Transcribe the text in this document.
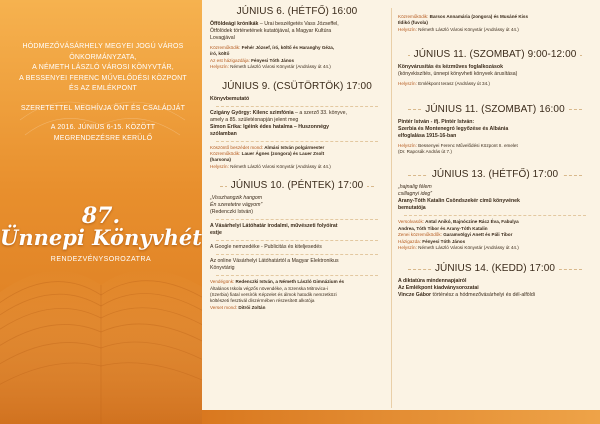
HÓDMEZŐVÁSÁRHELY MEGYEI JOGÚ VÁROS
ÖNKORMÁNYZATA,
A NÉMETH LÁSZLÓ VÁROSI KÖNYVTÁR,
A BESSENYEI FERENC MŰVELŐDÉSI KÖZPONT
ÉS AZ EMLÉKPONT
SZERETETTEL MEGHÍVJA ÖNT ÉS CSALÁDJÁT
A 2016. JÚNIUS 6-15. KÖZÖTT
MEGRENDEZÉSRE KERÜLŐ
87.
Ünnepi Könyvhét
RENDEZVÉNYSOROZATRA
JÚNIUS 6. (HÉTFŐ) 16:00
Öfföldeági krónikák – Urai beszélgetés Vass Józseffel,
Ötfölödek történetének kutatójával, a Magyar Kultúra
Lovagjával
Közreműködik: Fehér József, író, költő és Haranghy Géza,
író, költő
Az est házigazdája: Fényesi Tóth János
Helyszín: Németh László Városi Könyvtár (Andrássy út 44.)
JÚNIUS 9. (CSÜTÖRTÖK) 17:00
Könyvbemutató
Czigány György: Kilenc szimfónia – a szerző 33. könyve,
amely a 85. születésnapján jelent meg
Simon Erika: Igéink édes hatalma – Huszonnégy
szólamban
Köszöntő beszédet mond: Almási István polgármester
Közreműködik: Lauer Ágnes (zongora) és Lauer Zsolt
(harsona)
Helyszín: Németh László Városi Könyvtár (Andrássy út 44.)
JÚNIUS 10. (PÉNTEK) 17:00
„Visszhangzik hangom
Én szeretetre vágyom”
(Redenczki István)
A Vásárhelyi Látóhatár irodalmi, művészeti folyóirat
estje
A Google nemzedéke - Publicitás és kiteljesedés
Az online Vásárhelyi Látóhatártól a Magyar Elektronikus
Könyvtárig
Vendégünk: Redenczki István, a Németh László Gimnázium és
Általános Iskola végzős növendéke, a Szenska Mitrovica-i
(Szerbia) fiatal versírók Képzelet és álmok hatodik nemzetközi
költészeti fesztivál díszérmében részesített alkotója
Verset mond: Ditrói Zoltán
Közreműködik: Barsos Annamária (zongora) és Musáné Kiss
Ildikó (fuvola)
Helyszín: Németh László Városi Könyvtár (Andrássy út 44.)
JÚNIUS 11. (SZOMBAT) 9:00-12:00
Könyvárusítás és kézműves foglalkozások
(könyvkiszítés, ünnepi könyvheti könyvek árusítása)
Helyszín: Emlékpont terasz (Andrássy út 34.)
JÚNIUS 11. (SZOMBAT) 16:00
Pintér István - ifj. Pintér István:
Szerbia és Montenegró legyőzése és Albánia
elfoglalása 1915-16-ban
Helyszín: Bessenyei Ferenc Művelődési Központ II. emelet
(Dr. Rapcsák András út 7.)
JÚNIUS 13. (HÉTFŐ) 17:00
„hajnalig félem
csillagnyi ideg”
Arany-Tóth Katalin Csöndszekér című könyvének
bemutatója
Versolvasók: Antal Anikó, Bajnóczine Rácz Éva, Fabulya
Andrea, Tóth Tibor és Arany-Tóth Katalin
Zenei közreműködők: Garamvölgyi Anett és Páli Tibor
Házigazda: Fényesi Tóth János
Helyszín: Németh László Városi Könyvtár (Andrássy út 44.)
JÚNIUS 14. (KEDD) 17:00
A diktatúra mindennapjairól
Az Emlékpont kiadványsorozatai
Vincze Gábor történész a hódmezővásárhelyi és dél-alföldi
